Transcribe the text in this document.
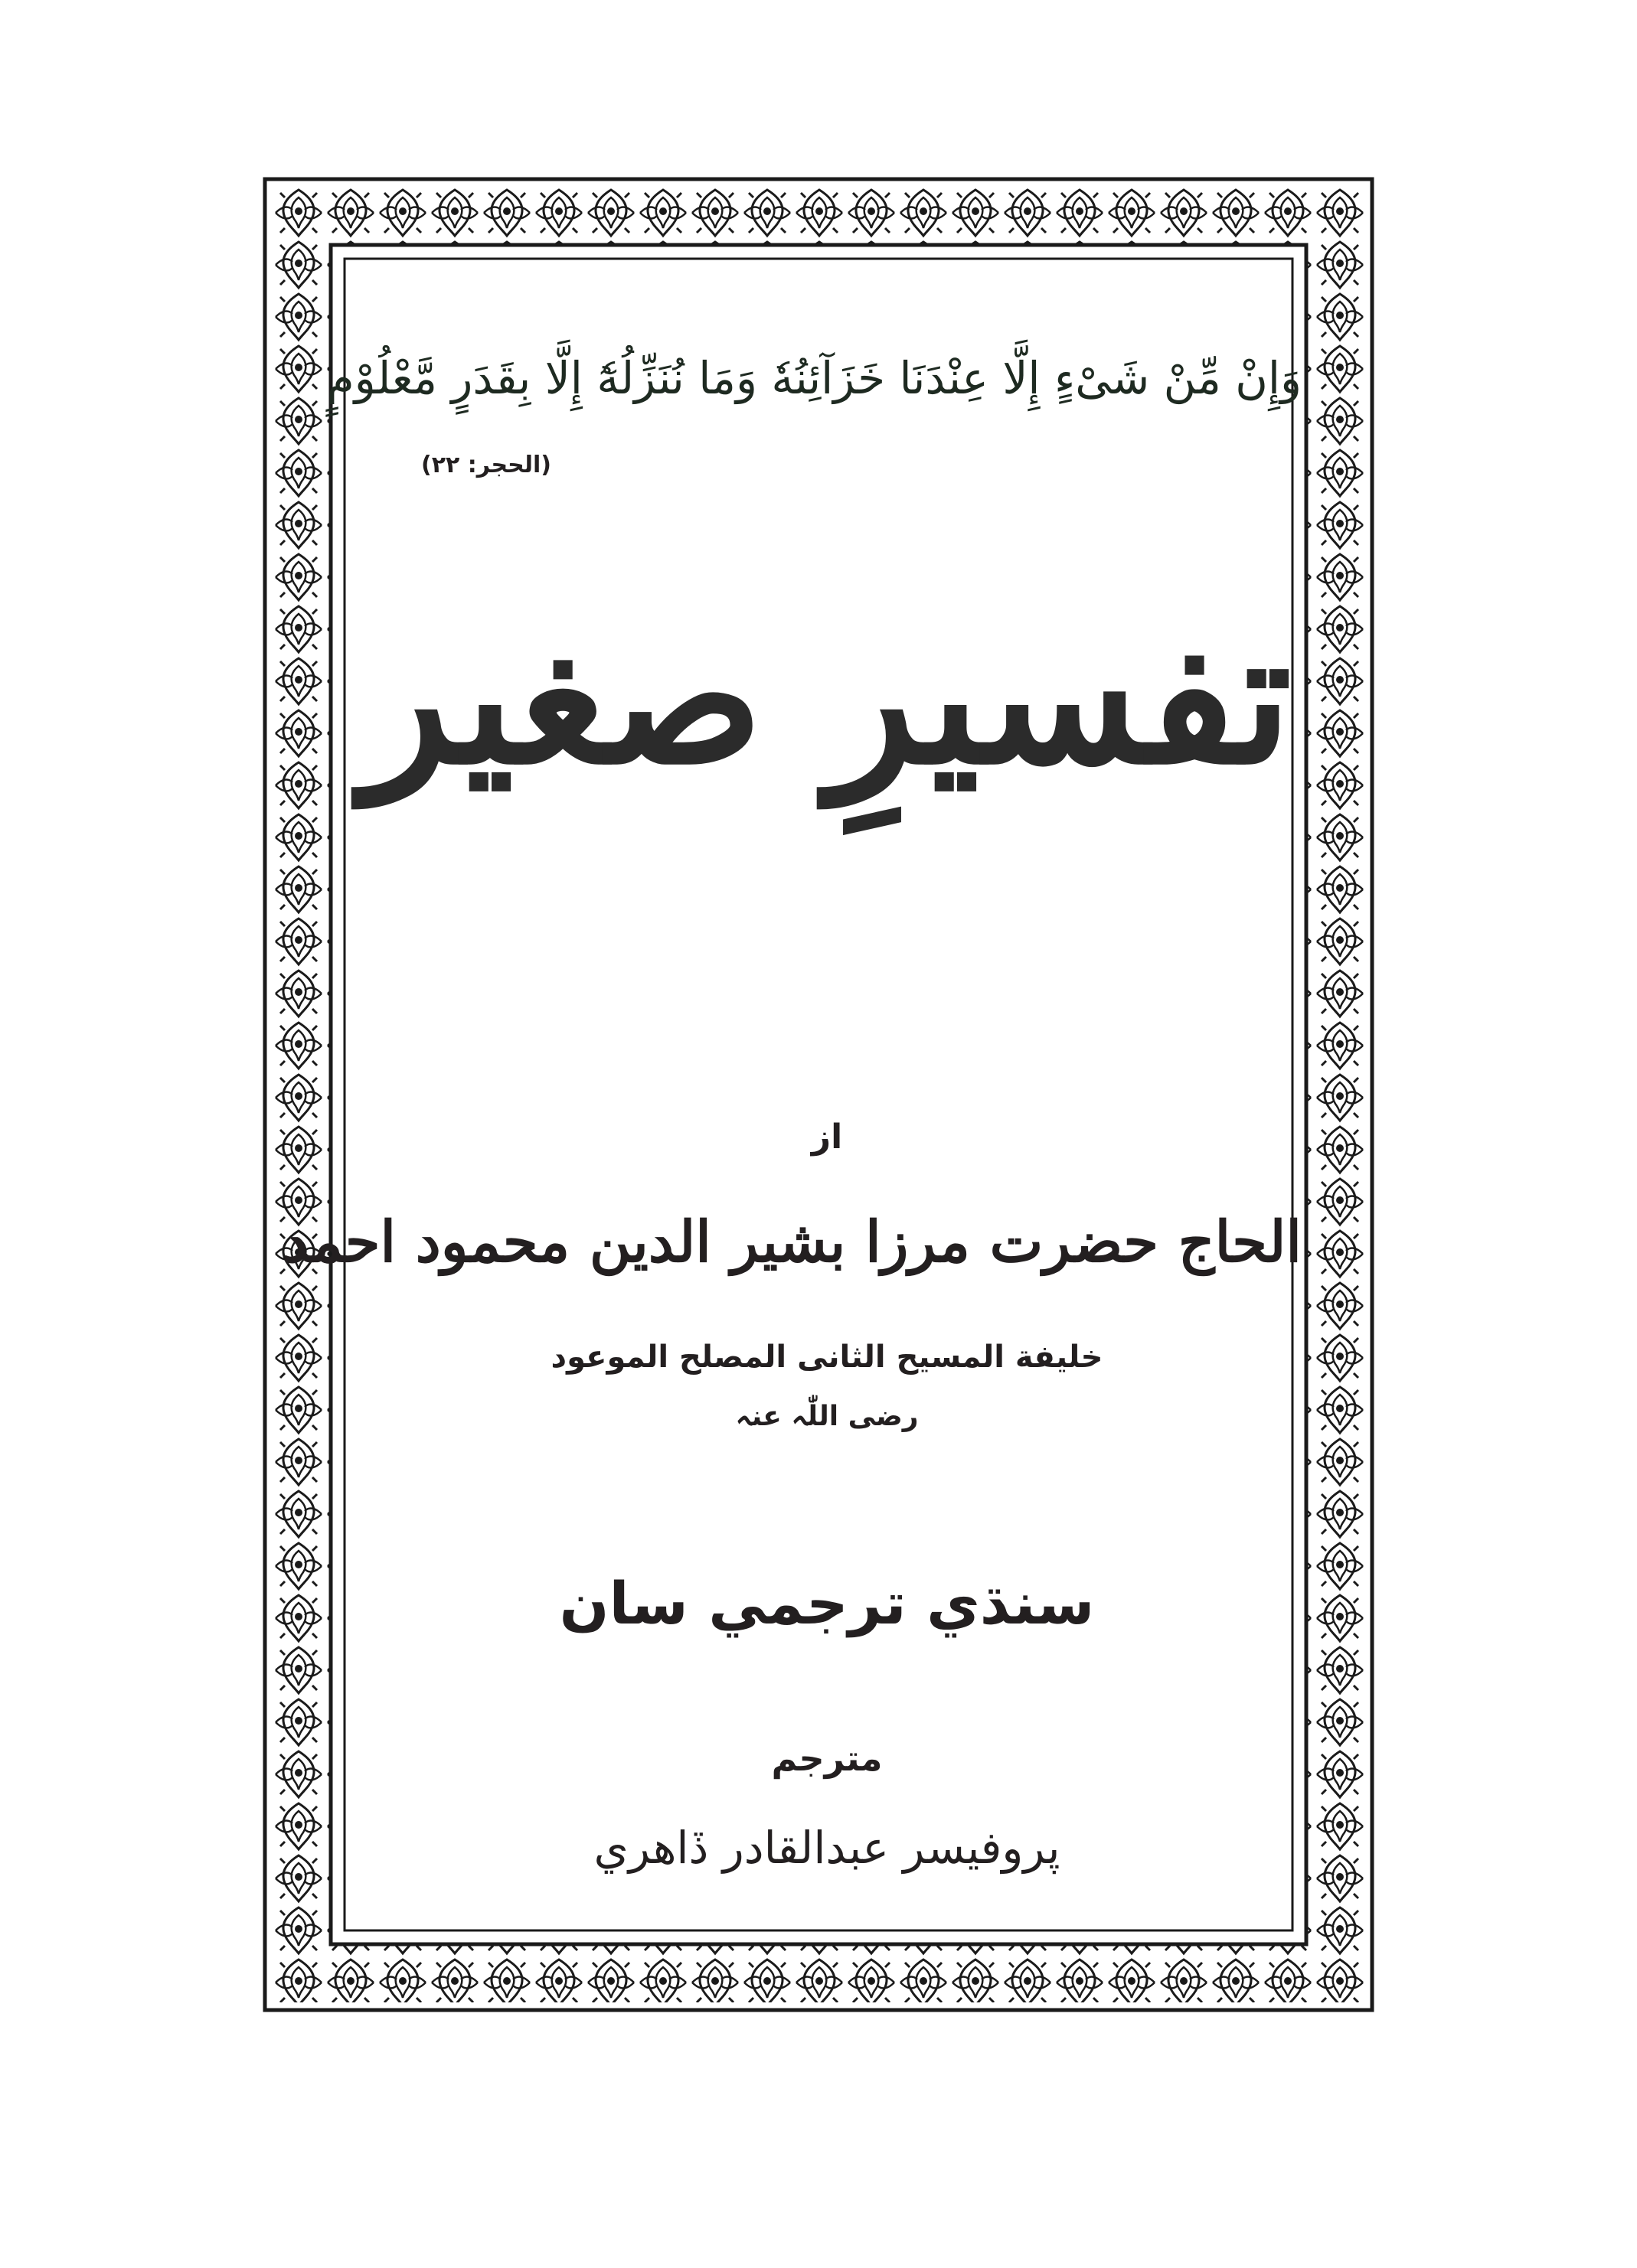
وَإِنْ مِّنْ شَىْءٍ إِلَّا عِنْدَنَا خَزَآئِنُهٗ وَمَا نُنَزِّلُهٗٓ إِلَّا بِقَدَرٍ مَّعْلُوْمٍ
(الحجر: ٢٢)
تفسیرِ صغیر
از
الحاج حضرت مرزا بشیر الدین محمود احمد
خلیفة المسیح الثانی المصلح الموعود
رضی اللّٰہ عنہ
سنڌي ترجمي سان
مترجم
پروفيسر عبدالقادر ڏاهري
